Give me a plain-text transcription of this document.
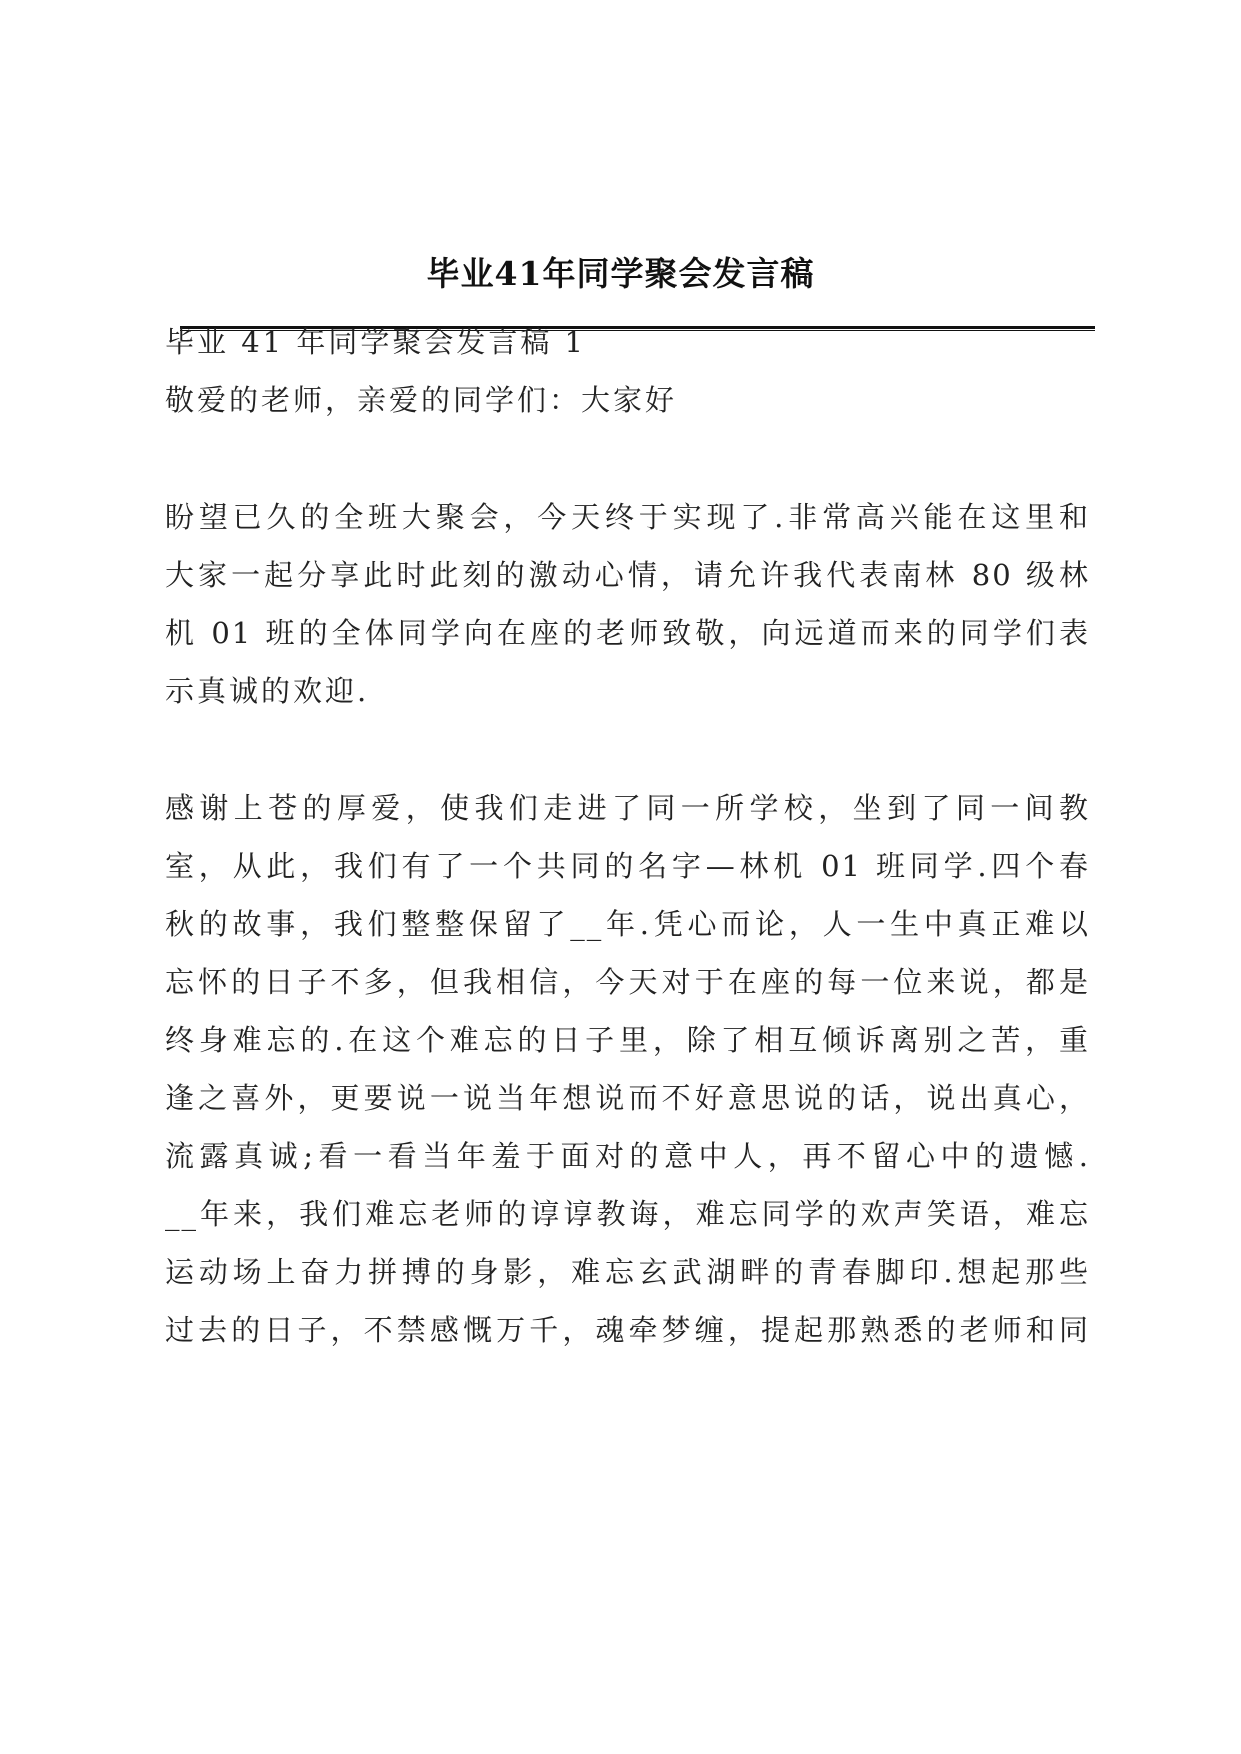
毕业41年同学聚会发言稿
毕业 41 年同学聚会发言稿 1
敬爱的老师，亲爱的同学们：大家好
盼望已久的全班大聚会，今天终于实现了.非常高兴能在这里和
大家一起分享此时此刻的激动心情，请允许我代表南林 80 级林
机 01 班的全体同学向在座的老师致敬，向远道而来的同学们表
示真诚的欢迎.
感谢上苍的厚爱，使我们走进了同一所学校，坐到了同一间教
室，从此，我们有了一个共同的名字—林机 01 班同学.四个春
秋的故事，我们整整保留了__年.凭心而论，人一生中真正难以
忘怀的日子不多，但我相信，今天对于在座的每一位来说，都是
终身难忘的.在这个难忘的日子里，除了相互倾诉离别之苦，重
逢之喜外，更要说一说当年想说而不好意思说的话，说出真心，
流露真诚;看一看当年羞于面对的意中人，再不留心中的遗憾.
__年来，我们难忘老师的谆谆教诲，难忘同学的欢声笑语，难忘
运动场上奋力拼搏的身影，难忘玄武湖畔的青春脚印.想起那些
过去的日子，不禁感慨万千，魂牵梦缠，提起那熟悉的老师和同
